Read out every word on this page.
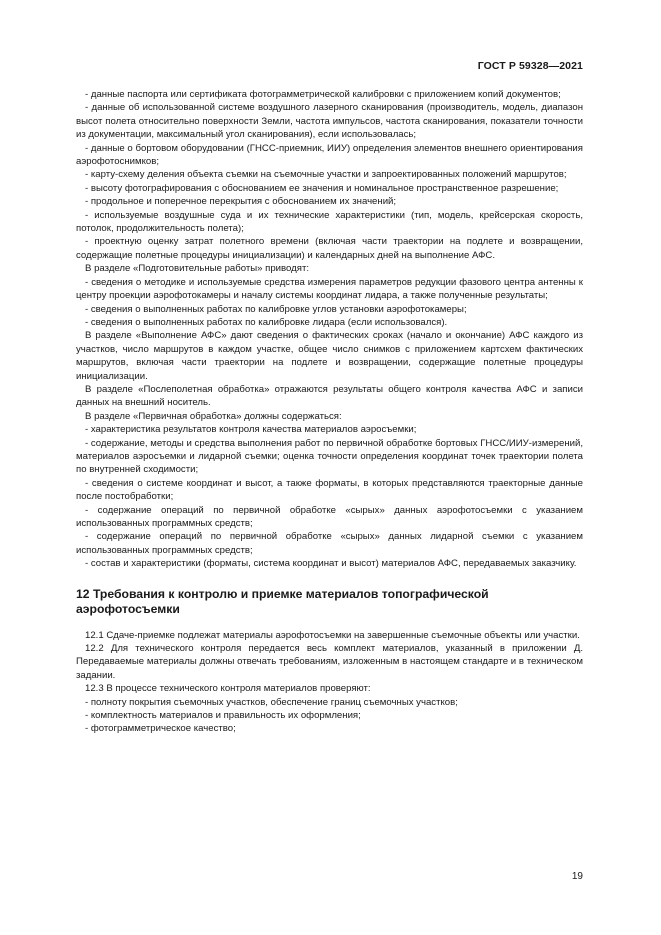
ГОСТ Р 59328—2021

- данные паспорта или сертификата фотограмметрической калибровки с приложением копий документов;

- данные об использованной системе воздушного лазерного сканирования (производитель, модель, диапазон высот полета относительно поверхности Земли, частота импульсов, частота сканирования, показатели точности из документации, максимальный угол сканирования), если использовалась;

- данные о бортовом оборудовании (ГНСС-приемник, ИИУ) определения элементов внешнего ориентирования аэрофотоснимков;

- карту-схему деления объекта съемки на съемочные участки и запроектированных положений маршрутов;

- высоту фотографирования с обоснованием ее значения и номинальное пространственное разрешение;

- продольное и поперечное перекрытия с обоснованием их значений;

- используемые воздушные суда и их технические характеристики (тип, модель, крейсерская скорость, потолок, продолжительность полета);

- проектную оценку затрат полетного времени (включая части траектории на подлете и возвращении, содержащие полетные процедуры инициализации) и календарных дней на выполнение АФС.

В разделе «Подготовительные работы» приводят:

- сведения о методике и используемые средства измерения параметров редукции фазового центра антенны к центру проекции аэрофотокамеры и началу системы координат лидара, а также полученные результаты;

- сведения о выполненных работах по калибровке углов установки аэрофотокамеры;

- сведения о выполненных работах по калибровке лидара (если использовался).

В разделе «Выполнение АФС» дают сведения о фактических сроках (начало и окончание) АФС каждого из участков, число маршрутов в каждом участке, общее число снимков с приложением картсхем фактических маршрутов, включая части траектории на подлете и возвращении, содержащие полетные процедуры инициализации.

В разделе «Послеполетная обработка» отражаются результаты общего контроля качества АФС и записи данных на внешний носитель.

В разделе «Первичная обработка» должны содержаться:

- характеристика результатов контроля качества материалов аэросъемки;

- содержание, методы и средства выполнения работ по первичной обработке бортовых ГНСС/ИИУ-измерений, материалов аэросъемки и лидарной съемки; оценка точности определения координат точек траектории полета по внутренней сходимости;

- сведения о системе координат и высот, а также форматы, в которых представляются траекторные данные после постобработки;

- содержание операций по первичной обработке «сырых» данных аэрофотосъемки с указанием использованных программных средств;

- содержание операций по первичной обработке «сырых» данных лидарной съемки с указанием использованных программных средств;

- состав и характеристики (форматы, система координат и высот) материалов АФС, передаваемых заказчику.

12 Требования к контролю и приемке материалов топографической аэрофотосъемки

12.1 Сдаче-приемке подлежат материалы аэрофотосъемки на завершенные съемочные объекты или участки.

12.2 Для технического контроля передается весь комплект материалов, указанный в приложении Д. Передаваемые материалы должны отвечать требованиям, изложенным в настоящем стандарте и в техническом задании.

12.3 В процессе технического контроля материалов проверяют:

- полноту покрытия съемочных участков, обеспечение границ съемочных участков;

- комплектность материалов и правильность их оформления;

- фотограмметрическое качество;

19
